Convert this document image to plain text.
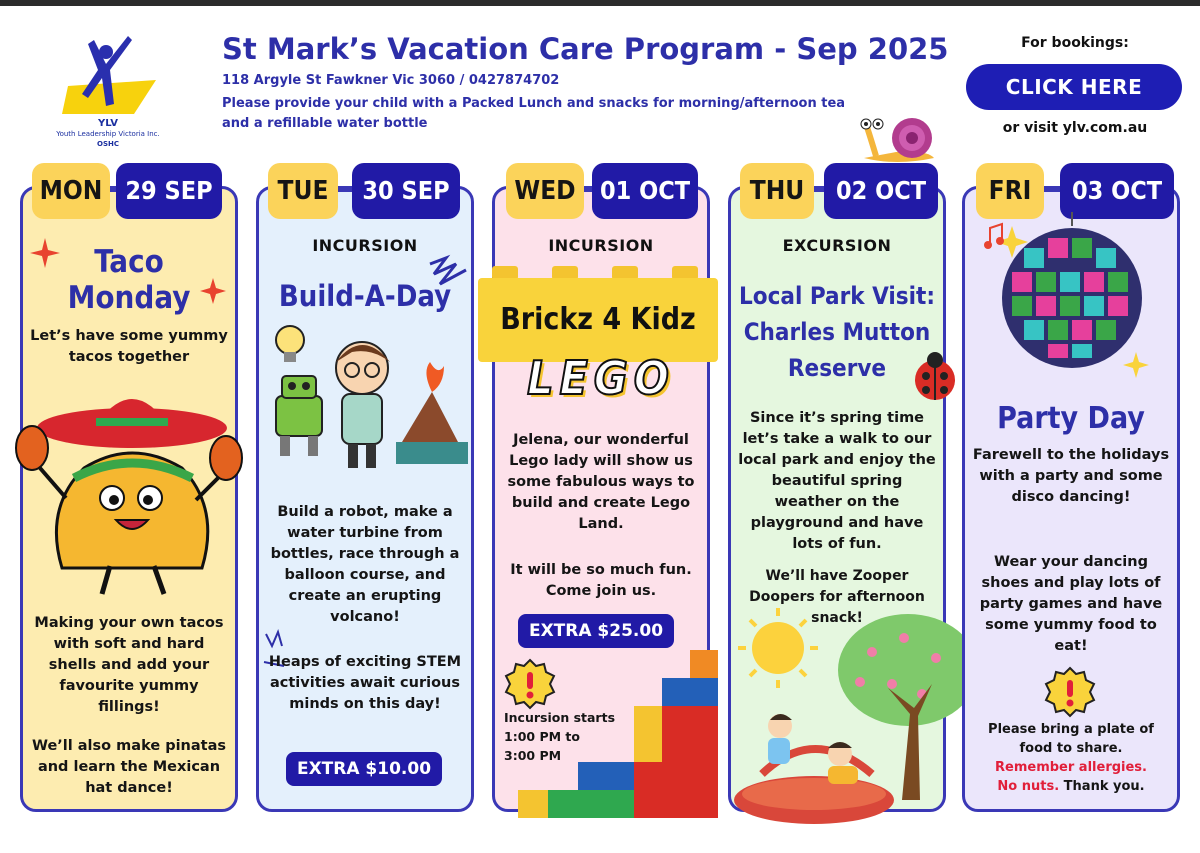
YLV
Youth Leadership Victoria Inc.
OSHC
St Mark’s Vacation Care Program - Sep 2025
118 Argyle St Fawkner Vic 3060 / 0427874702
Please provide your child with a Packed Lunch and snacks for morning/afternoon tea and a refillable water bottle
For bookings:
CLICK HERE
or visit ylv.com.au
MON 29 SEP
Taco
Monday
Let’s have some yummy tacos together
Making your own tacos with soft and hard shells and add your favourite yummy fillings!
We’ll also make pinatas and learn the Mexican hat dance!
TUE	30 SEP
INCURSION
Build-A-Day
Build a robot, make a water turbine from bottles, race through a balloon course, and create an erupting volcano!
Heaps of exciting STEM activities await curious minds on this day!
EXTRA $10.00
WED 01 OCT
INCURSION
Brickz 4 Kidz
LEGO
Jelena, our wonderful Lego lady will show us some fabulous ways to build and create Lego Land.
It will be so much fun. Come join us.
EXTRA $25.00
Incursion starts
1:00 PM to
3:00 PM
THU	02 OCT
EXCURSION
Local Park Visit:
Charles Mutton
Reserve
Since it’s spring time let’s take a walk to our local park and enjoy the beautiful spring weather on the playground and have lots of fun.
We’ll have Zooper Doopers for afternoon snack!
FRI	03 OCT
Party Day
Farewell to the holidays with a party and some disco dancing!
Wear your dancing shoes and play lots of party games and have some yummy food to eat!
Please bring a plate of food to share.
Remember allergies.
No nuts. Thank you.
